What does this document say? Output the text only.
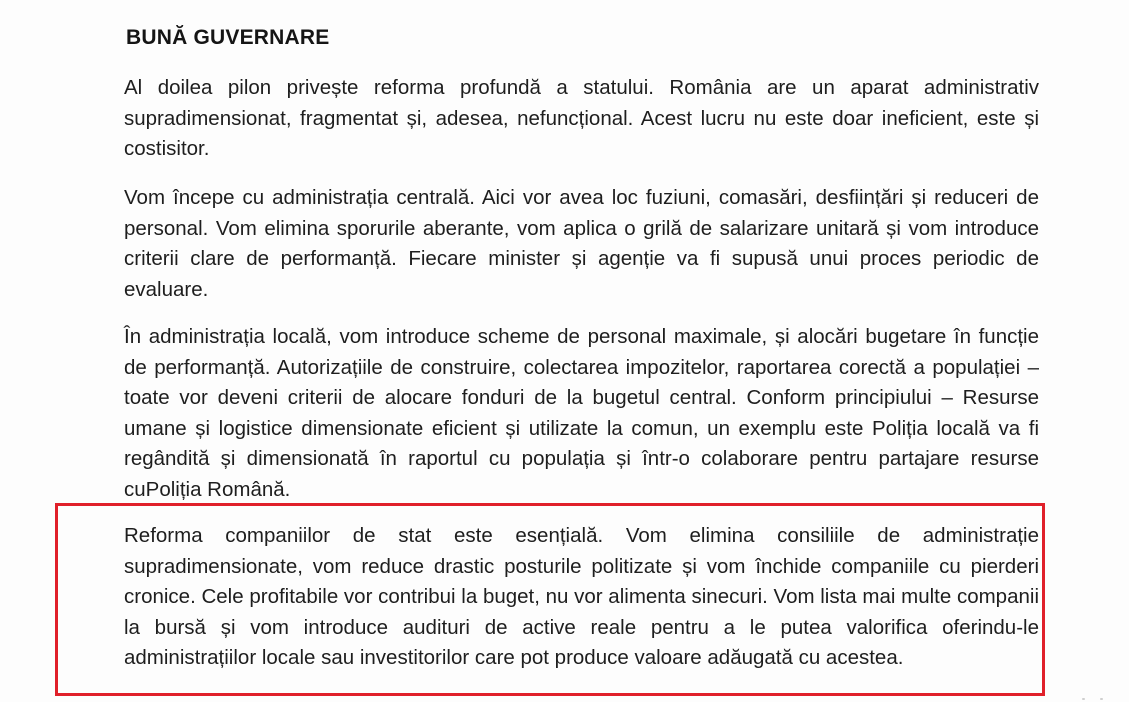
BUNĂ GUVERNARE

Al doilea pilon privește reforma profundă a statului. România are un aparat administrativ supradimensionat, fragmentat și, adesea, nefuncțional. Acest lucru nu este doar ineficient, este și costisitor.

Vom începe cu administrația centrală. Aici vor avea loc fuziuni, comasări, desființări și reduceri de personal. Vom elimina sporurile aberante, vom aplica o grilă de salarizare unitară și vom introduce criterii clare de performanță. Fiecare minister și agenție va fi supusă unui proces periodic de evaluare.

În administrația locală, vom introduce scheme de personal maximale, și alocări bugetare în funcție de performanță. Autorizațiile de construire, colectarea impozitelor, raportarea corectă a populației – toate vor deveni criterii de alocare fonduri de la bugetul central. Conform principiului – Resurse umane și logistice dimensionate eficient și utilizate la comun, un exemplu este Poliția locală va fi regândită și dimensionată în raportul cu populația și într-o colaborare pentru partajare resurse cuPoliția Română.

Reforma companiilor de stat este esențială. Vom elimina consiliile de administrație supradimensionate, vom reduce drastic posturile politizate și vom închide companiile cu pierderi cronice. Cele profitabile vor contribui la buget, nu vor alimenta sinecuri. Vom lista mai multe companii la bursă și vom introduce audituri de active reale pentru a le putea valorifica oferindu-le administrațiilor locale sau investitorilor care pot produce valoare adăugată cu acestea.
